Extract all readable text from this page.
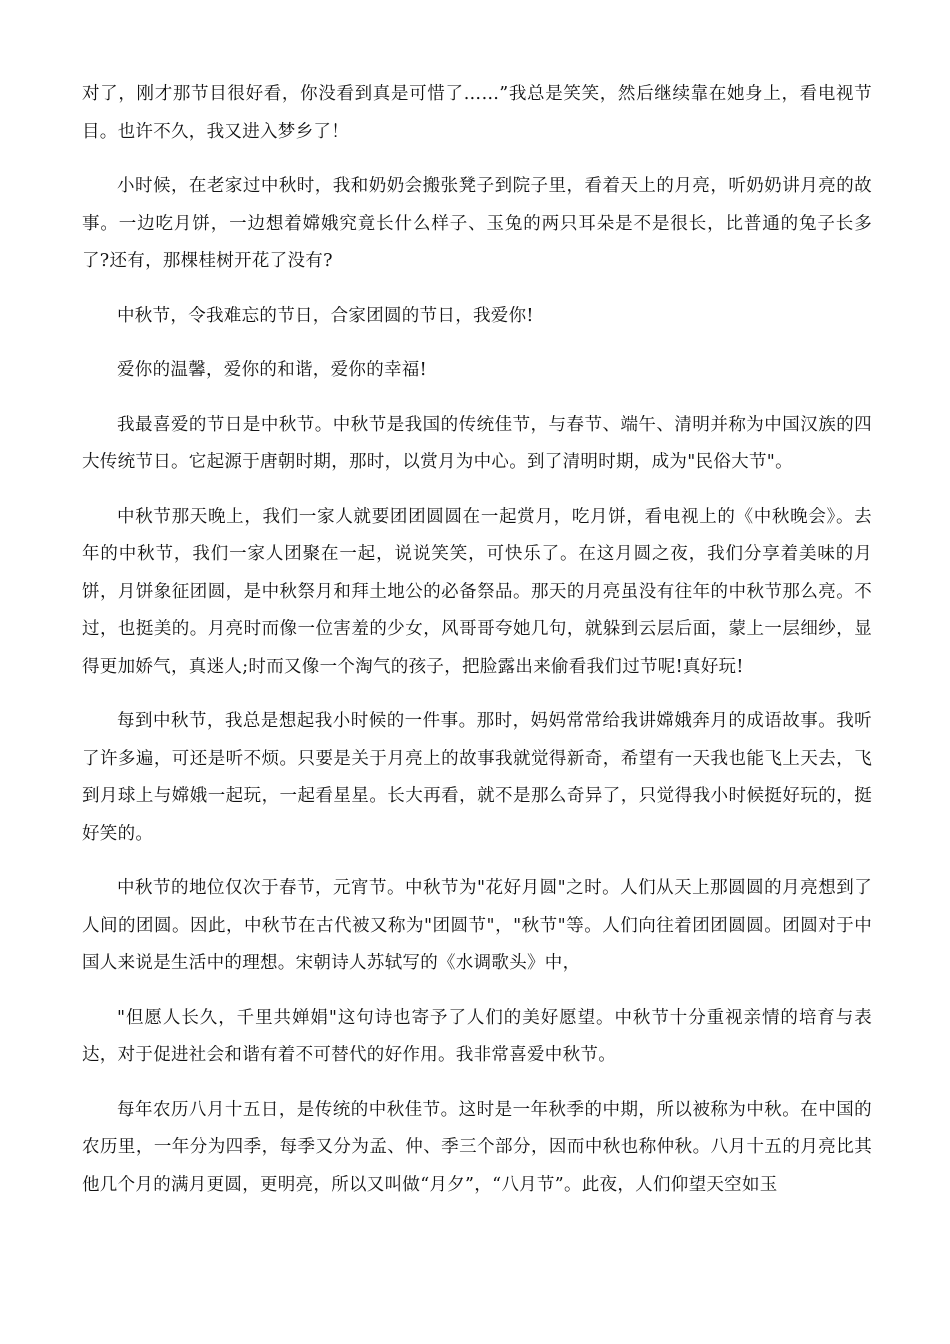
对了，刚才那节目很好看，你没看到真是可惜了……”我总是笑笑，然后继续靠在她身上，看电视节目。也许不久，我又进入梦乡了！

小时候，在老家过中秋时，我和奶奶会搬张凳子到院子里，看着天上的月亮，听奶奶讲月亮的故事。一边吃月饼，一边想着嫦娥究竟长什么样子、玉兔的两只耳朵是不是很长，比普通的兔子长多了?还有，那棵桂树开花了没有?

中秋节，令我难忘的节日，合家团圆的节日，我爱你!

爱你的温馨，爱你的和谐，爱你的幸福!

我最喜爱的节日是中秋节。中秋节是我国的传统佳节，与春节、端午、清明并称为中国汉族的四大传统节日。它起源于唐朝时期，那时，以赏月为中心。到了清明时期，成为"民俗大节"。

中秋节那天晚上，我们一家人就要团团圆圆在一起赏月，吃月饼，看电视上的《中秋晚会》。去年的中秋节，我们一家人团聚在一起，说说笑笑，可快乐了。在这月圆之夜，我们分享着美味的月饼，月饼象征团圆，是中秋祭月和拜土地公的必备祭品。那天的月亮虽没有往年的中秋节那么亮。不过，也挺美的。月亮时而像一位害羞的少女，风哥哥夸她几句，就躲到云层后面，蒙上一层细纱，显得更加娇气，真迷人;时而又像一个淘气的孩子，把脸露出来偷看我们过节呢!真好玩!

每到中秋节，我总是想起我小时候的一件事。那时，妈妈常常给我讲嫦娥奔月的成语故事。我听了许多遍，可还是听不烦。只要是关于月亮上的故事我就觉得新奇，希望有一天我也能飞上天去，飞到月球上与嫦娥一起玩，一起看星星。长大再看，就不是那么奇异了，只觉得我小时候挺好玩的，挺好笑的。

中秋节的地位仅次于春节，元宵节。中秋节为"花好月圆"之时。人们从天上那圆圆的月亮想到了人间的团圆。因此，中秋节在古代被又称为"团圆节"，"秋节"等。人们向往着团团圆圆。团圆对于中国人来说是生活中的理想。宋朝诗人苏轼写的《水调歌头》中，

"但愿人长久，千里共婵娟"这句诗也寄予了人们的美好愿望。中秋节十分重视亲情的培育与表达，对于促进社会和谐有着不可替代的好作用。我非常喜爱中秋节。

每年农历八月十五日，是传统的中秋佳节。这时是一年秋季的中期，所以被称为中秋。在中国的农历里，一年分为四季，每季又分为孟、仲、季三个部分，因而中秋也称仲秋。八月十五的月亮比其他几个月的满月更圆，更明亮，所以又叫做“月夕”，“八月节”。此夜，人们仰望天空如玉
